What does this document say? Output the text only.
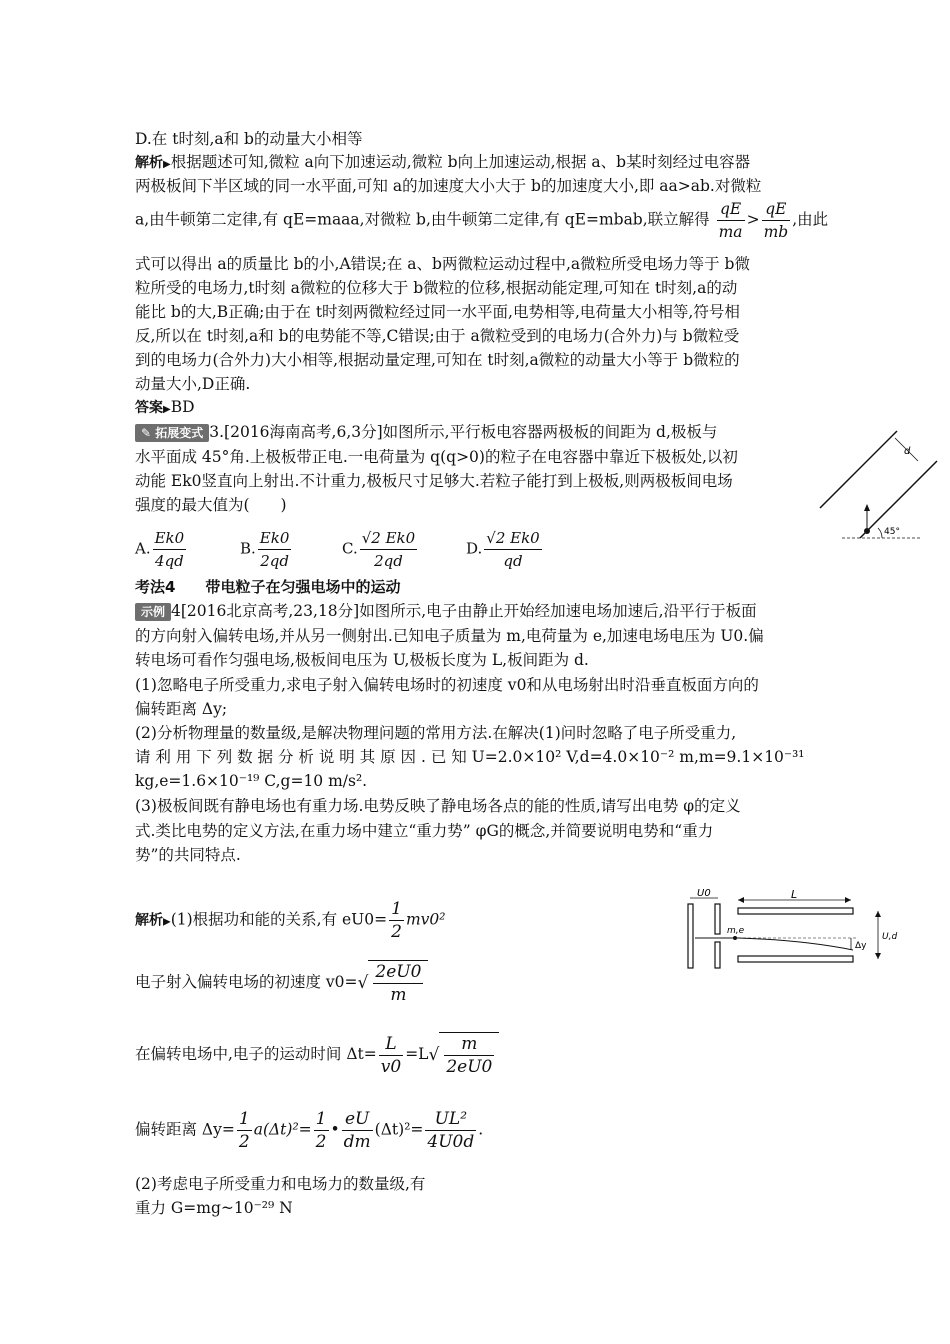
D.在 t时刻,a和 b的动量大小相等
解析▶根据题述可知,微粒 a向下加速运动,微粒 b向上加速运动,根据 a、b某时刻经过电容器
两极板间下半区域的同一水平面,可知 a的加速度大小大于 b的加速度大小,即 aa>ab.对微粒
a,由牛顿第二定律,有 qE=maaa,对微粒 b,由牛顿第二定律,有 qE=mbab,联立解得 $\frac{qE}{ma} > \frac{qE}{mb}$ ,由此
式可以得出 a的质量比 b的小,A错误;在 a、b两微粒运动过程中,a微粒所受电场力等于 b微
粒所受的电场力,t时刻 a微粒的位移大于 b微粒的位移,根据动能定理,可知在 t时刻,a的动
能比 b的大,B正确;由于在 t时刻两微粒经过同一水平面,电势相等,电荷量大小相等,符号相
反,所以在 t时刻,a和 b的电势能不等,C错误;由于 a微粒受到的电场力(合外力)与 b微粒受
到的电场力(合外力)大小相等,根据动量定理,可知在 t时刻,a微粒的动量大小等于 b微粒的
动量大小,D正确.
答案▶BD
✎ 拓展变式 3.[2016海南高考,6,3分]如图所示,平行板电容器两极板的间距为 d,极板与
水平面成 45°角.上极板带正电.一电荷量为 q(q>0)的粒子在电容器中靠近下极板处,以初
动能 Ek0竖直向上射出.不计重力,极板尺寸足够大.若粒子能打到上极板,则两极板间电场
强度的最大值为(　　)
A. $\frac{Ek0}{4qd}$	B. $\frac{Ek0}{2qd}$	C. $\frac{√2 Ek0}{2qd}$	D. $\frac{√2 Ek0}{qd}$
d
45°
考法4　　带电粒子在匀强电场中的运动
示例 4[2016北京高考,23,18分]如图所示,电子由静止开始经加速电场加速后,沿平行于板面
的方向射入偏转电场,并从另一侧射出.已知电子质量为 m,电荷量为 e,加速电场电压为 U0.偏
转电场可看作匀强电场,极板间电压为 U,极板长度为 L,板间距为 d.
(1)忽略电子所受重力,求电子射入偏转电场时的初速度 v0和从电场射出时沿垂直板面方向的
偏转距离 Δy;
(2)分析物理量的数量级,是解决物理问题的常用方法.在解决(1)问时忽略了电子所受重力,
请 利 用 下 列 数 据 分 析 说 明 其 原 因 . 已 知 U=2.0×10² V,d=4.0×10⁻² m,m=9.1×10⁻³¹
kg,e=1.6×10⁻¹⁹ C,g=10 m/s².
(3)极板间既有静电场也有重力场.电势反映了静电场各点的能的性质,请写出电势 φ的定义
式.类比电势的定义方法,在重力场中建立“重力势” φG的概念,并简要说明电势和“重力
势”的共同特点.
解析▶(1)根据功和能的关系,有 $eU0= \frac{1}{2} mv0^2$
电子射入偏转电场的初速度 $v0=√ \frac{2eU0}{m}$
在偏转电场中,电子的运动时间 $\Delta t= \frac{L}{v0} =L√ \frac{m}{2eU0}$
偏转距离 $\Delta y= \frac{1}{2} a(\Delta t)^2= \frac{1}{2}$ • $\frac{eU}{dm} (\Delta t)^2= \frac{\text{UL²}}{4U0d}$ .
(2)考虑电子所受重力和电场力的数量级,有
重力 G=mg~10⁻²⁹ N
U0	L
m,e
Δy
U,d
